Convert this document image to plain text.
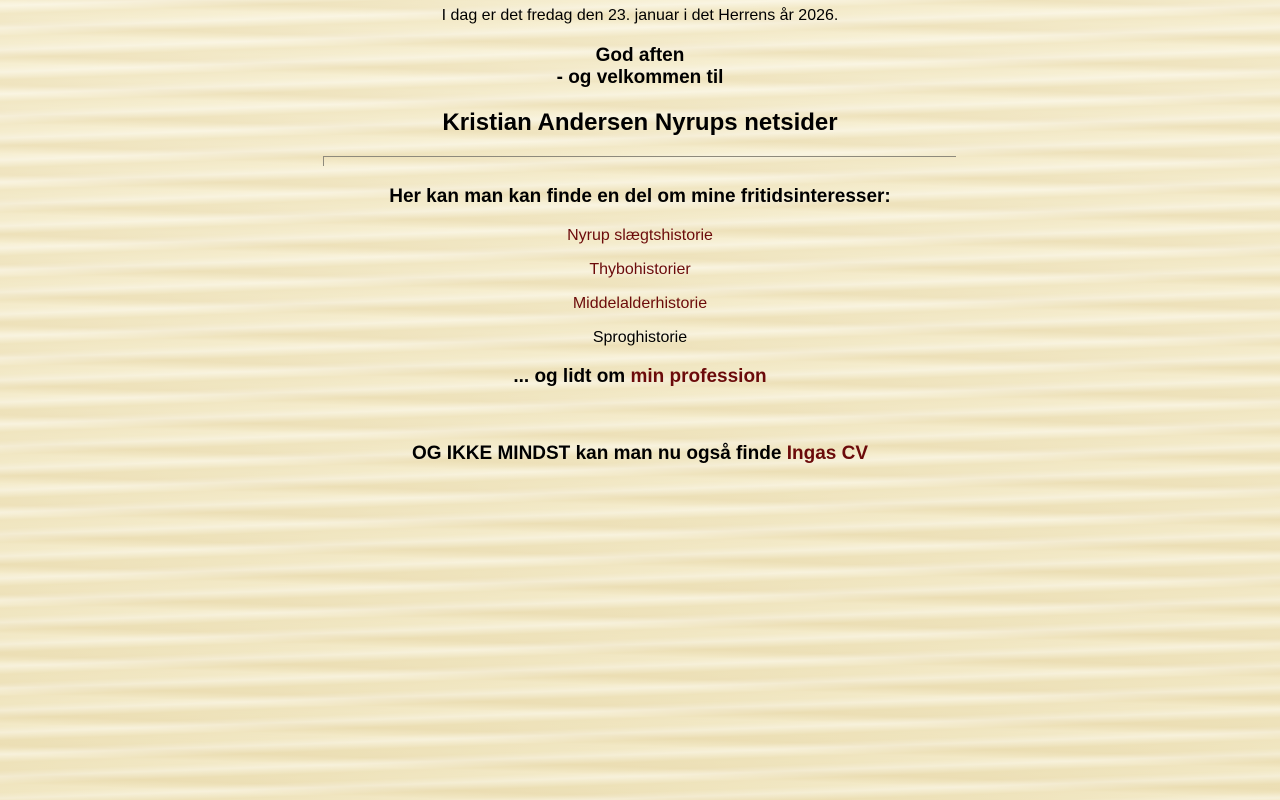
I dag er det fredag den 23. januar i det Herrens år 2026.
God aften
- og velkommen til
Kristian Andersen Nyrups netsider
Her kan man kan finde en del om mine fritidsinteresser:
Nyrup slægtshistorie
Thybohistorier
Middelalderhistorie
Sproghistorie
... og lidt om min profession
OG IKKE MINDST kan man nu også finde Ingas CV
